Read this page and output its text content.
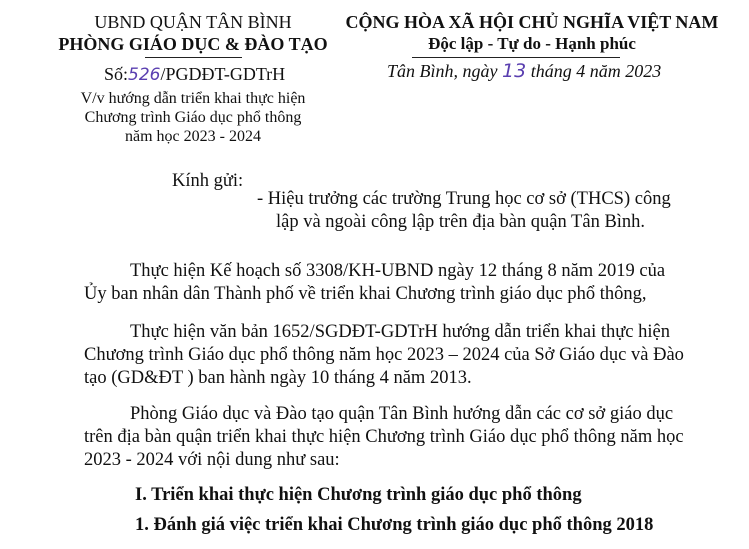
UBND QUẬN TÂN BÌNH
PHÒNG GIÁO DỤC & ĐÀO TẠO
Số:526/PGDĐT-GDTrH
V/v hướng dẫn triển khai thực hiện
Chương trình Giáo dục phổ thông
năm học 2023 - 2024
CỘNG HÒA XÃ HỘI CHỦ NGHĨA VIỆT NAM
Độc lập - Tự do - Hạnh phúc
Tân Bình, ngày 13 tháng 4 năm 2023
Kính gửi:
- Hiệu trưởng các trường Trung học cơ sở (THCS) công
lập và ngoài công lập trên địa bàn quận Tân Bình.
Thực hiện Kế hoạch số 3308/KH-UBND ngày 12 tháng 8 năm 2019 của
Ủy ban nhân dân Thành phố về triển khai Chương trình giáo dục phổ thông,
Thực hiện văn bản 1652/SGDĐT-GDTrH hướng dẫn triển khai thực hiện
Chương trình Giáo dục phổ thông năm học 2023 – 2024 của Sở Giáo dục và Đào
tạo (GD&ĐT ) ban hành ngày 10 tháng 4 năm 2013.
Phòng Giáo dục và Đào tạo quận Tân Bình hướng dẫn các cơ sở giáo dục
trên địa bàn quận triển khai thực hiện Chương trình Giáo dục phổ thông năm học
2023 - 2024 với nội dung như sau:
I. Triển khai thực hiện Chương trình giáo dục phổ thông
1. Đánh giá việc triển khai Chương trình giáo dục phổ thông 2018
